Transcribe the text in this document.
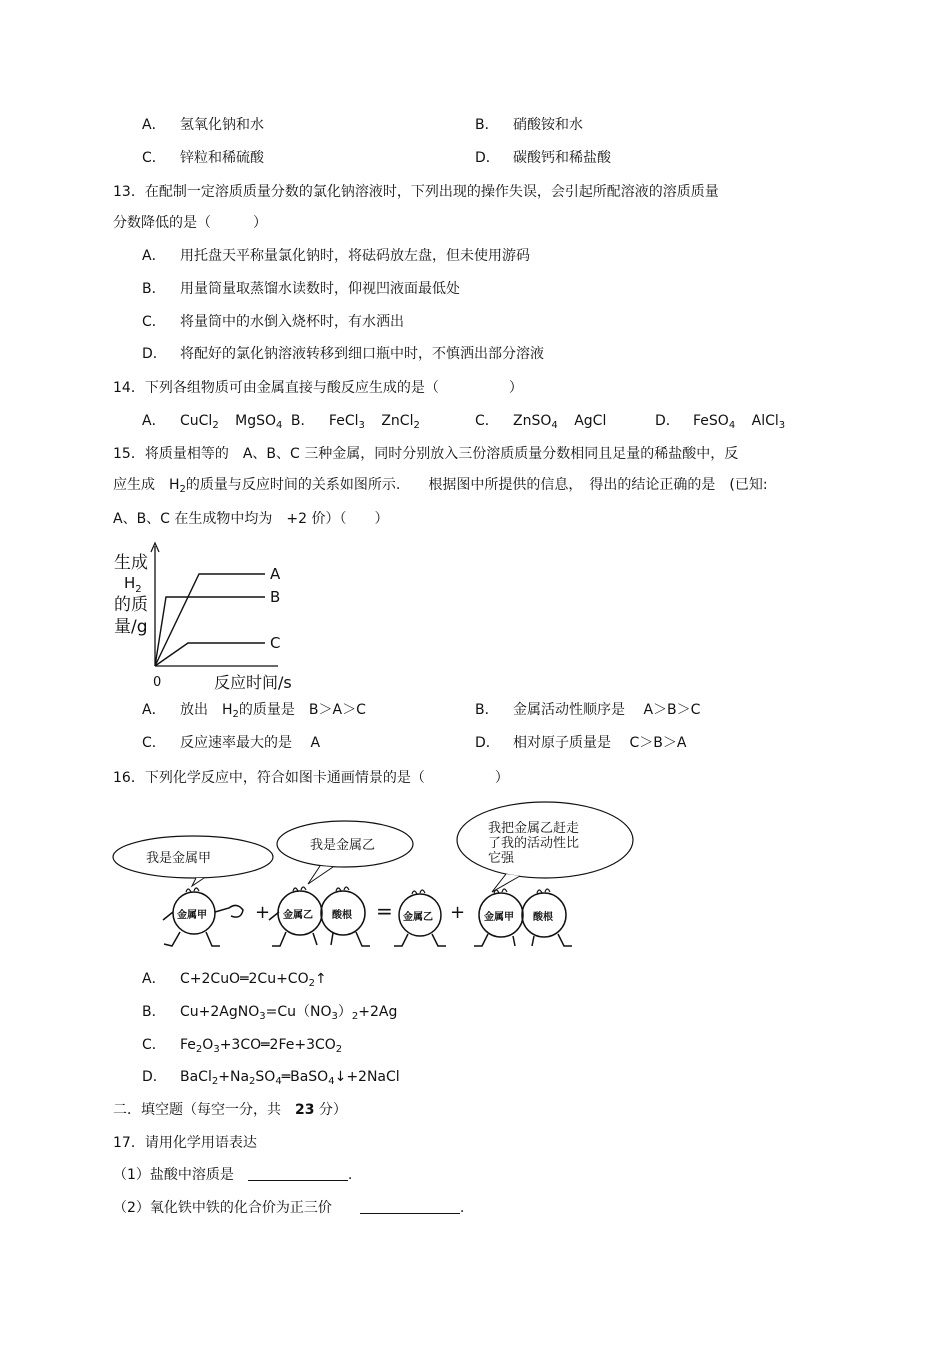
A． 氢氧化钠和水	B． 硝酸铵和水
C． 锌粒和稀硫酸	D． 碳酸钙和稀盐酸
13．在配制一定溶质质量分数的氯化钠溶液时，下列出现的操作失误，会引起所配溶液的溶质质量
分数降低的是（　　　）
A． 用托盘天平称量氯化钠时，将砝码放左盘，但未使用游码
B． 用量筒量取蒸馏水读数时，仰视凹液面最低处
C． 将量筒中的水倒入烧杯时，有水洒出
D． 将配好的氯化钠溶液转移到细口瓶中时，不慎洒出部分溶液
14．下列各组物质可由金属直接与酸反应生成的是（　　　　　）
A． CuCl$_2$ MgSO$_4$ B． FeCl$_3$ ZnCl$_2$	C． ZnSO$_4$ AgCl	D． FeSO$_4$ AlCl$_3$
15．将质量相等的　A、B、C 三种金属，同时分别放入三份溶质质量分数相同且足量的稀盐酸中，反
应生成　$H_2$的质量与反应时间的关系如图所示.　　根据图中所提供的信息，　得出的结论正确的是　(已知:
A、B、C 在生成物中均为　+2 价）（　　）
A
B
C
生成
$H_2$
的质
量/g
0	反应时间/s
A． 放出　$H_2$的质量是　B＞A＞C	B． 金属活动性顺序是　 A＞B＞C
C． 反应速率最大的是　 A	D． 相对原子质量是　 C＞B＞A
16．下列化学反应中，符合如图卡通画情景的是（　　　　　）
我是金属甲
我是金属乙
我把金属乙赶走
了我的活动性比
它强
金属甲	+ 金属乙 酸根 = 金属乙 + 金属甲 酸根
A． $C+2CuO═2Cu+CO_2↑$
B． $Cu+2AgNO_3=Cu(NO_3)_2+2Ag$
C． $Fe_2O_3+3CO═2Fe+3CO_2$
D． $BaCl_2+Na_2SO_4═BaSO_4↓+2NaCl$
二．填空题（每空一分，共　23 分）
17．请用化学用语表达
（1）盐酸中溶质是　	.
（2）氧化铁中铁的化合价为正三价　　	.
